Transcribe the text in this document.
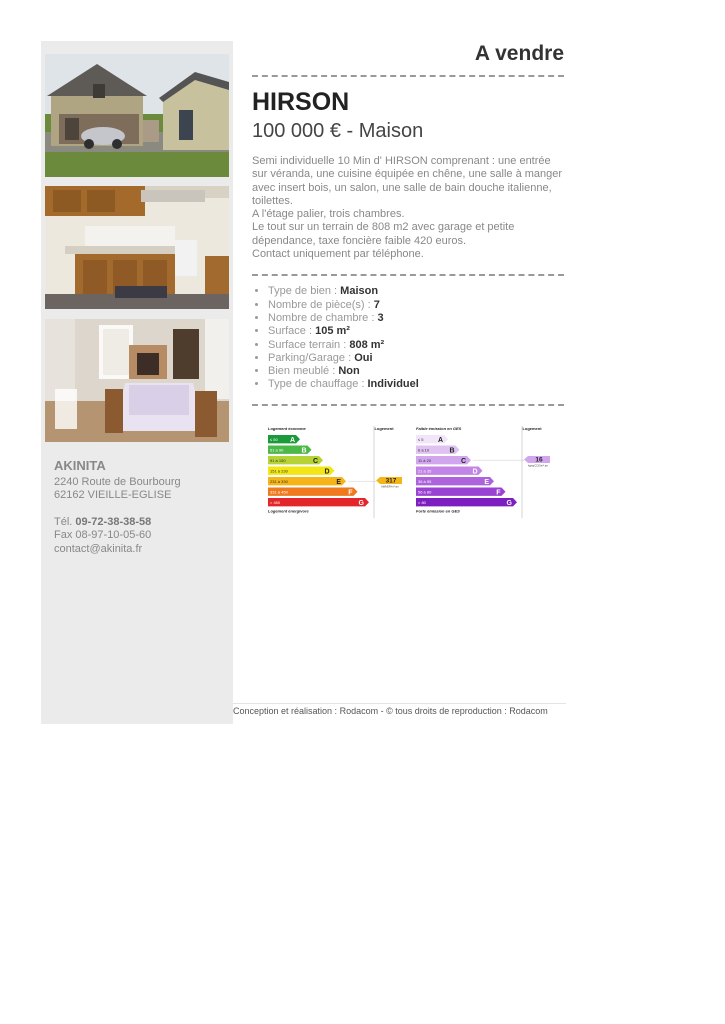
AKINITA
2240 Route de Bourbourg
62162 VIEILLE-EGLISE
Tél. 09-72-38-38-58
Fax 08-97-10-05-60
contact@akinita.fr
A vendre
HIRSON
100 000 € - Maison
Semi individuelle 10 Min d' HIRSON comprenant : une entrée sur véranda, une cuisine équipée en chêne, une salle à manger avec insert bois, un salon, une salle de bain douche italienne, toilettes.
A l'étage palier, trois chambres.
Le tout sur un terrain de 808 m2 avec garage et petite dépendance, taxe foncière faible 420 euros.
Contact uniquement par téléphone.
• Type de bien : Maison
• Nombre de pièce(s) : 7
• Nombre de chambre : 3
• Surface : 105 m²
• Surface terrain : 808 m²
• Parking/Garage : Oui
• Bien meublé : Non
• Type de chauffage : Individuel
Logement économe	Logement
≤ 50 A
51 à 90	B
91 à 150	C
151 à 230	D
231 à 330	E	317
kWhEP/m².an
331 à 450	F
> 450	G
Logement énergivore
Faible émission en GES	Logement
≤ 5 A
6 à 10	B
11 à 20	C	16
kgéqCO2/m².an
21 à 35	D
36 à 55	E
56 à 80	F
> 80	G
Forte émission en GES
Conception et réalisation : Rodacom - © tous droits de reproduction : Rodacom
